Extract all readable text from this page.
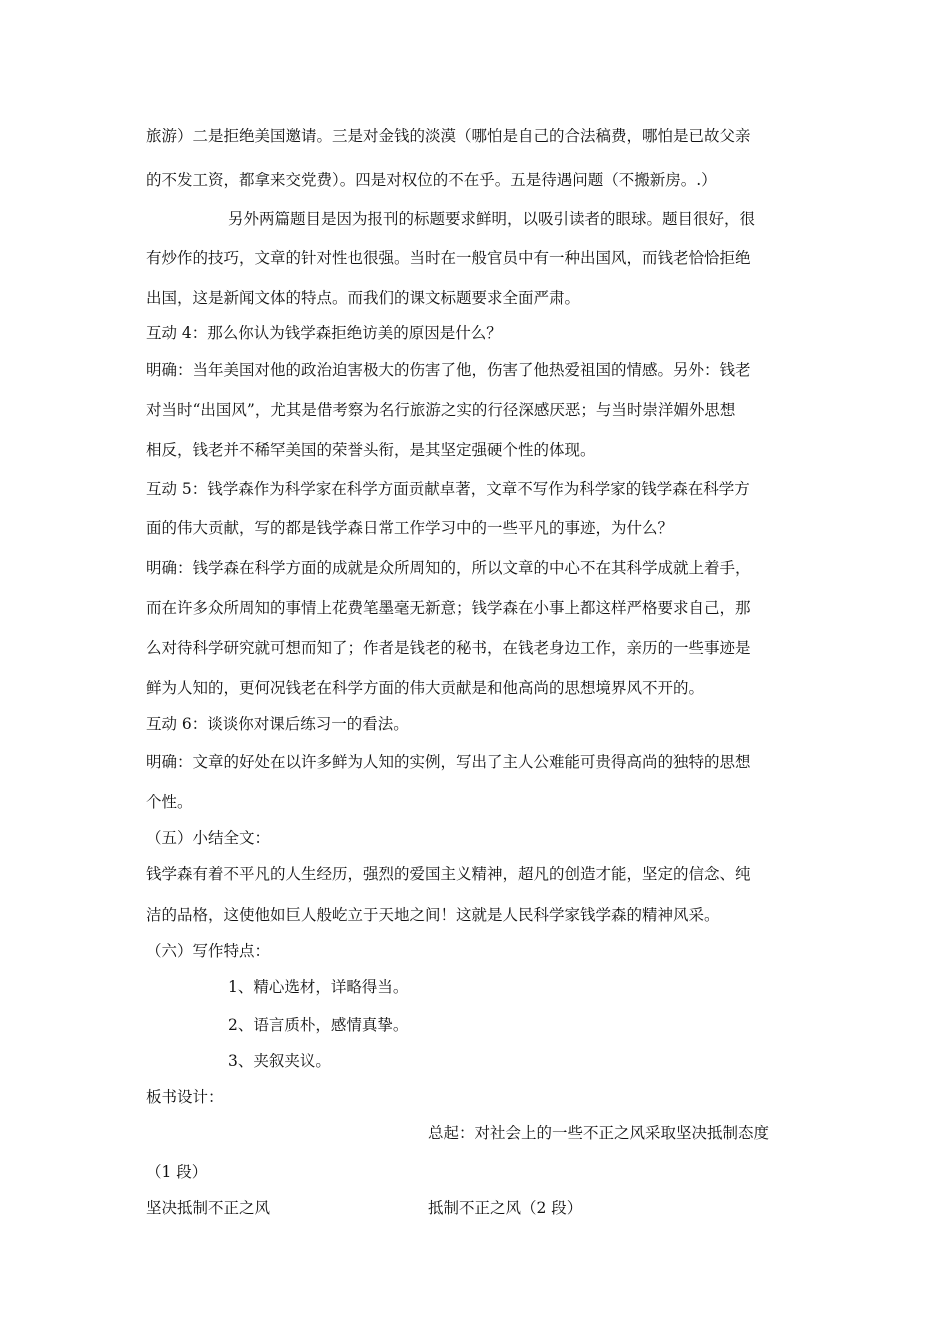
旅游）二是拒绝美国邀请。三是对金钱的淡漠（哪怕是自己的合法稿费，哪怕是已故父亲
的不发工资，都拿来交党费）。四是对权位的不在乎。五是待遇问题（不搬新房。.）
另外两篇题目是因为报刊的标题要求鲜明，以吸引读者的眼球。题目很好，很
有炒作的技巧，文章的针对性也很强。当时在一般官员中有一种出国风，而钱老恰恰拒绝
出国，这是新闻文体的特点。而我们的课文标题要求全面严肃。
互动 4：那么你认为钱学森拒绝访美的原因是什么？
明确：当年美国对他的政治迫害极大的伤害了他，伤害了他热爱祖国的情感。另外：钱老
对当时“出国风”，尤其是借考察为名行旅游之实的行径深感厌恶；与当时崇洋媚外思想
相反，钱老并不稀罕美国的荣誉头衔，是其坚定强硬个性的体现。
互动 5：钱学森作为科学家在科学方面贡献卓著，文章不写作为科学家的钱学森在科学方
面的伟大贡献，写的都是钱学森日常工作学习中的一些平凡的事迹，为什么？
明确：钱学森在科学方面的成就是众所周知的，所以文章的中心不在其科学成就上着手，
而在许多众所周知的事情上花费笔墨毫无新意；钱学森在小事上都这样严格要求自己，那
么对待科学研究就可想而知了；作者是钱老的秘书，在钱老身边工作，亲历的一些事迹是
鲜为人知的，更何况钱老在科学方面的伟大贡献是和他高尚的思想境界风不开的。
互动 6：谈谈你对课后练习一的看法。
明确：文章的好处在以许多鲜为人知的实例，写出了主人公难能可贵得高尚的独特的思想
个性。
（五）小结全文：
钱学森有着不平凡的人生经历，强烈的爱国主义精神，超凡的创造才能，坚定的信念、纯
洁的品格，这使他如巨人般屹立于天地之间！这就是人民科学家钱学森的精神风采。
（六）写作特点：
1、精心选材，详略得当。
2、语言质朴，感情真挚。
3、夹叙夹议。
板书设计：
总起：对社会上的一些不正之风采取坚决抵制态度
（1 段）
坚决抵制不正之风	抵制不正之风（2 段）
